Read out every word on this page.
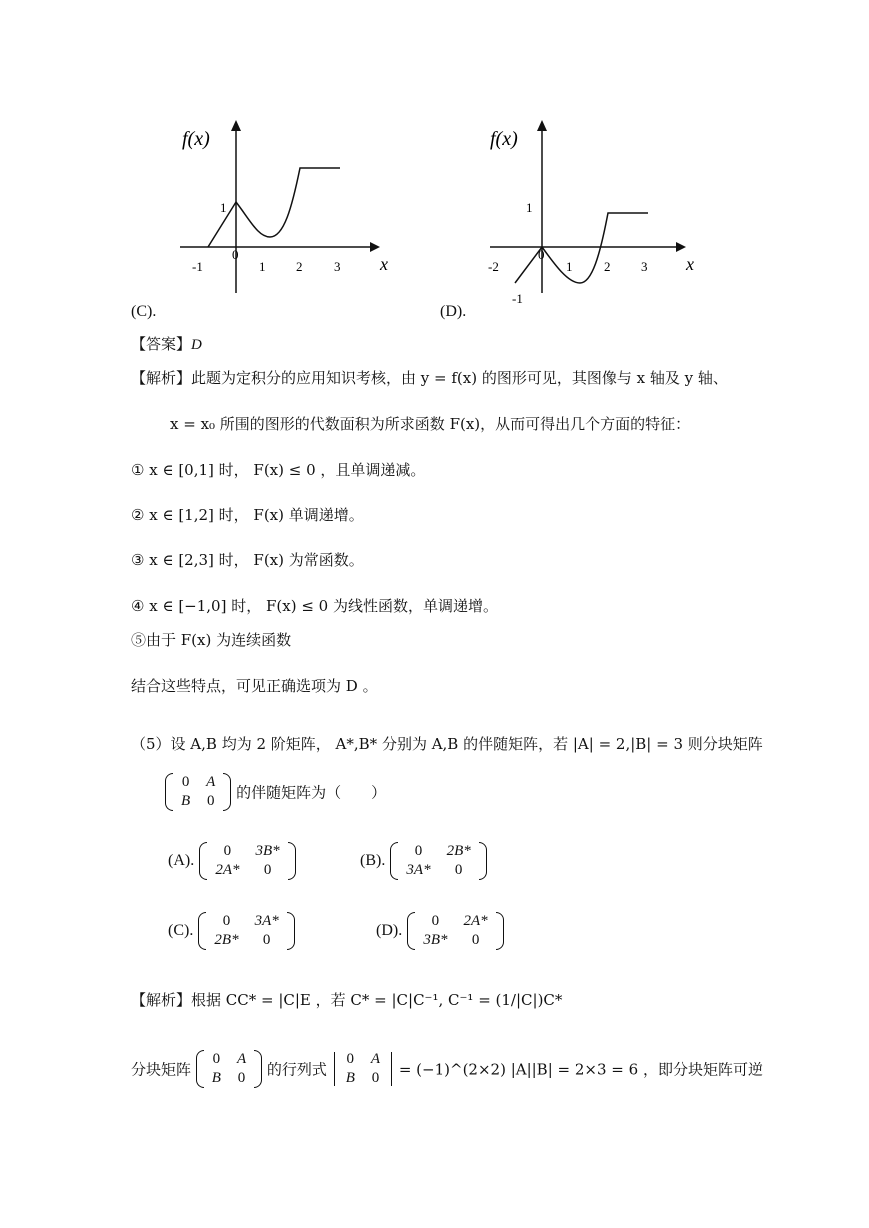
f(x)
x
1
0
-1	1 2 3
f(x)
x
1
-1
0
-2	1 2 3
(C).	(D).
【答案】D
【解析】此题为定积分的应用知识考核，由 y = f(x) 的图形可见，其图像与 x 轴及 y 轴、
x = x₀ 所围的图形的代数面积为所求函数 F(x)，从而可得出几个方面的特征：
① x ∈ [0,1] 时， F(x) ≤ 0 ，且单调递减。
② x ∈ [1,2] 时， F(x) 单调递增。
③ x ∈ [2,3] 时， F(x) 为常函数。
④ x ∈ [−1,0] 时， F(x) ≤ 0 为线性函数，单调递增。
⑤由于 F(x) 为连续函数
结合这些特点，可见正确选项为 D 。
（5）设 A,B 均为 2 阶矩阵， A*,B* 分别为 A,B 的伴随矩阵，若 |A| = 2,|B| = 3 则分块矩阵
0	A
B	0 的伴随矩阵为（　　）
(A).
0	3B*
2A*	0
(B).
0	2B*
3A*	0
(C).
0	3A*
2B*	0
(D).
0	2A*
3B*	0
【解析】根据 CC* = |C|E ，若 C* = |C|C⁻¹, C⁻¹ = (1/|C|)C*
分块矩阵
0	A
B	0 的行列式
0	A
B	0 = (−1)^(2×2) |A||B| = 2×3 = 6 ，即分块矩阵可逆
